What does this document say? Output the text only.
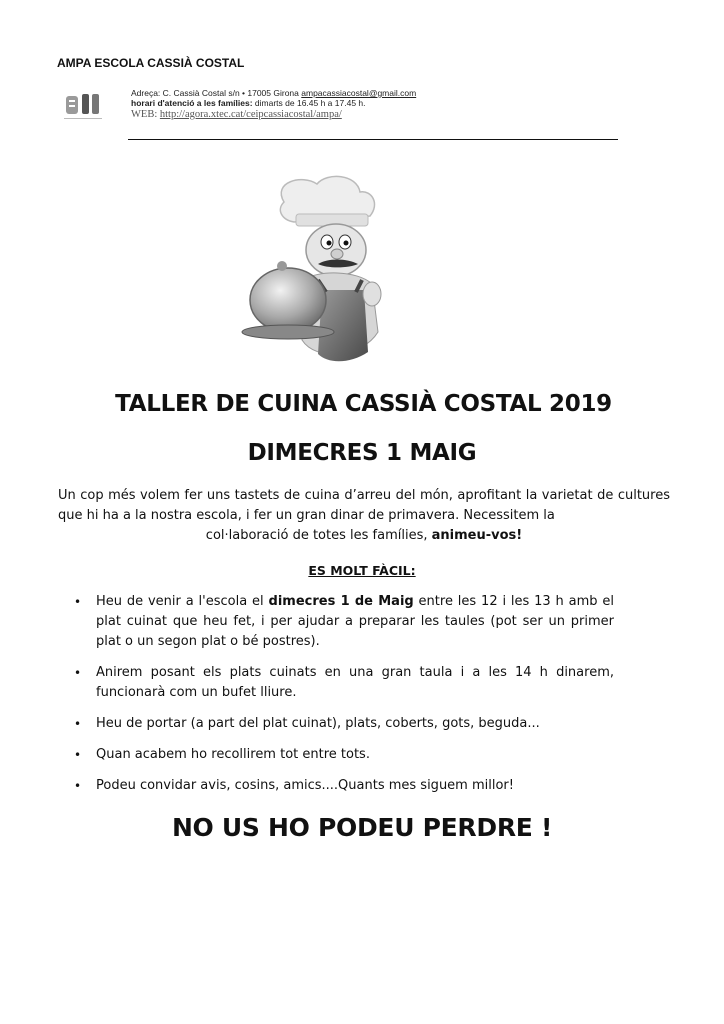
AMPA ESCOLA CASSIÀ COSTAL
Adreça: C. Cassià Costal s/n • 17005 Girona ampacassiacostal@gmail.com
horari d'atenció a les famílies: dimarts de 16.45 h a 17.45 h.
WEB: http://agora.xtec.cat/ceipcassiacostal/ampa/
TALLER DE CUINA CASSIÀ COSTAL 2019
DIMECRES 1 MAIG
Un cop més volem fer uns tastets de cuina d’arreu del món, aprofitant la varietat de cultures que hi ha a la nostra escola, i fer un gran dinar de primavera. Necessitem la
col·laboració de totes les famílies, animeu-vos!
ES MOLT FÀCIL:
• Heu de venir a l'escola el dimecres 1 de Maig entre les 12 i les 13 h amb el plat cuinat que heu fet, i per ajudar a preparar les taules (pot ser un primer plat o un segon plat o bé postres).
• Anirem posant els plats cuinats en una gran taula i a les 14 h dinarem, funcionarà com un bufet lliure.
• Heu de portar (a part del plat cuinat), plats, coberts, gots, beguda...
• Quan acabem ho recollirem tot entre tots.
• Podeu convidar avis, cosins, amics....Quants mes siguem millor!
NO US HO PODEU PERDRE !
